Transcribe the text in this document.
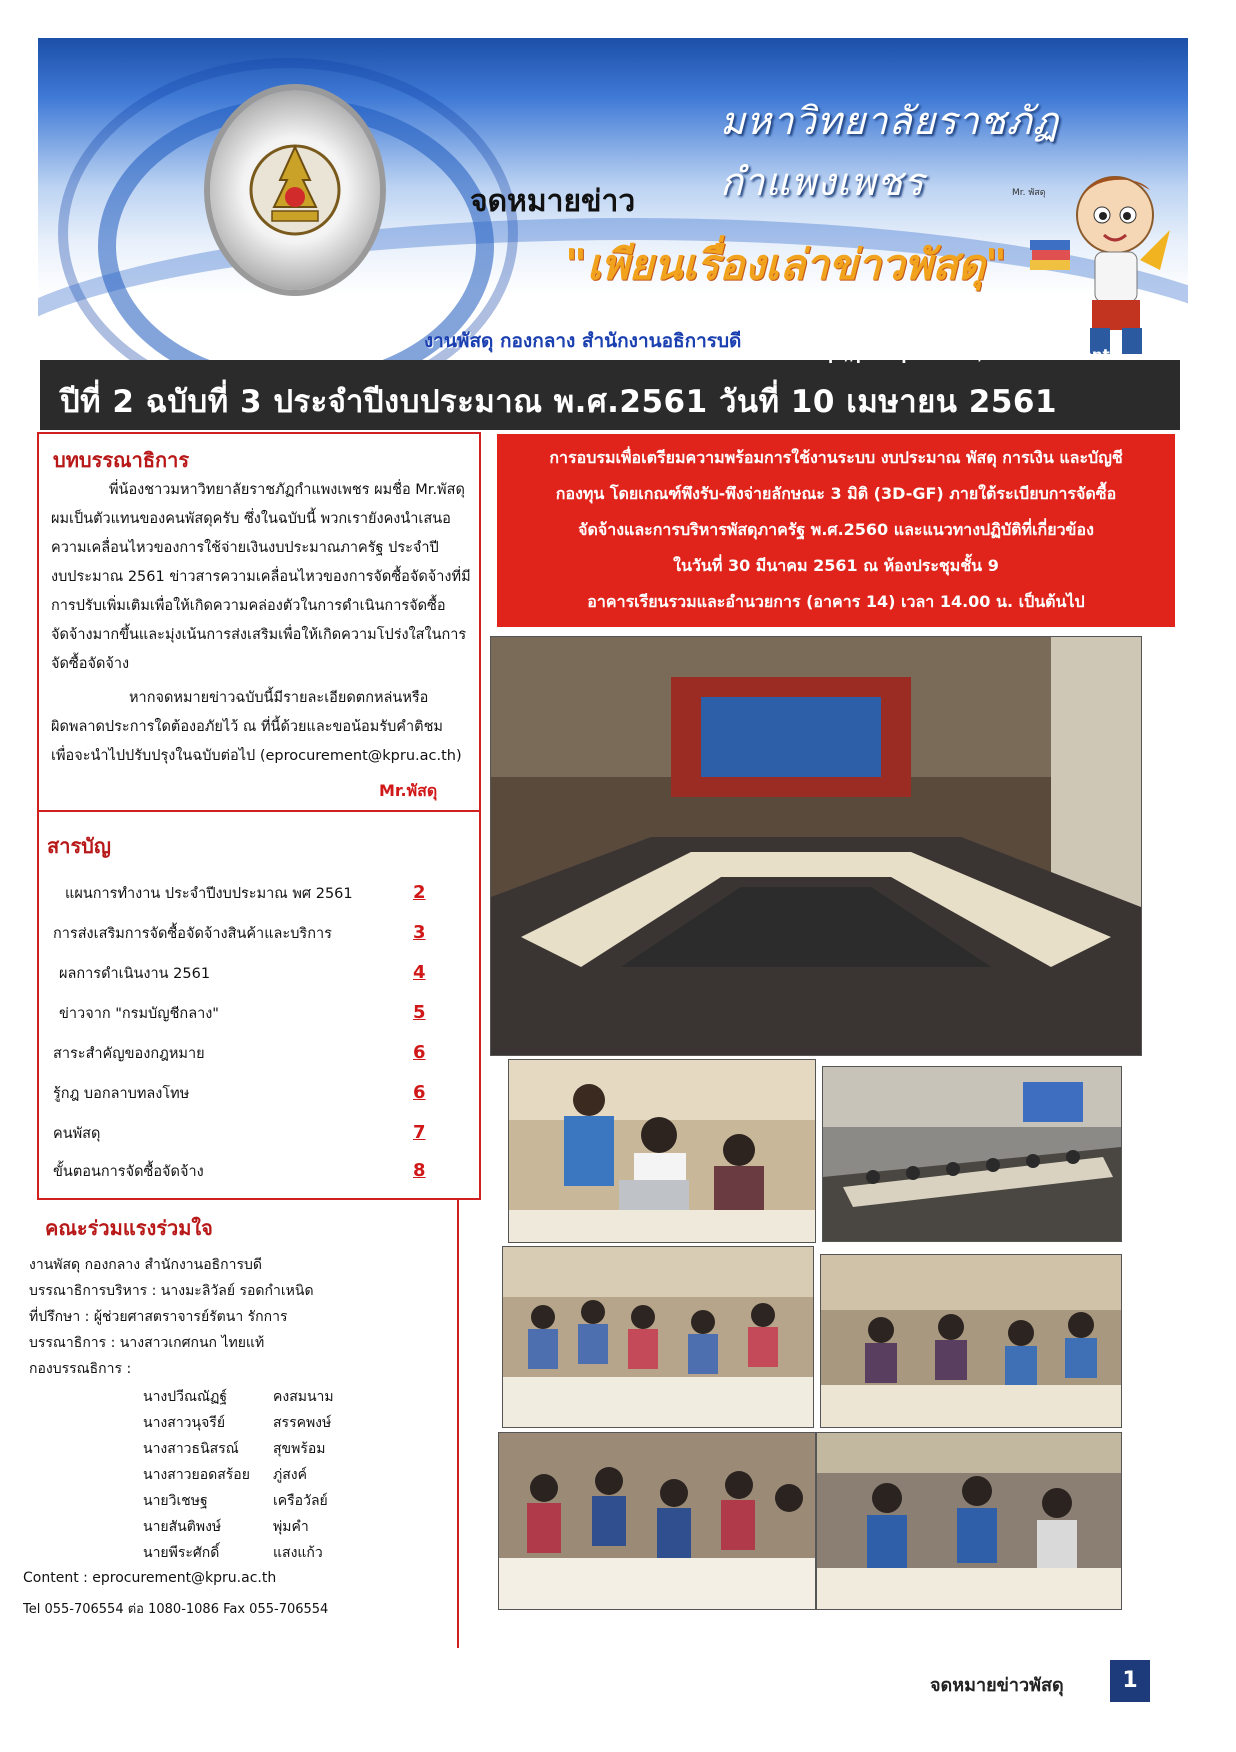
มหาวิทยาลัยราชภัฏกำแพงเพชร
จดหมายข่าว
"เพียนเรื่องเล่าข่าวพัสดุ"
Mr. พัสดุ
งานพัสดุ กองกลาง สำนักงานอธิการบดี
http://pco.kpru.ac.th/e-Procurement
ปีที่ 2 ฉบับที่ 3 ประจำปีงบประมาณ พ.ศ.2561 วันที่ 10 เมษายน 2561
บทบรรณาธิการ
พี่น้องชาวมหาวิทยาลัยราชภัฏกำแพงเพชร ผมชื่อ Mr.พัสดุ
ผมเป็นตัวแทนของคนพัสดุครับ ซึ่งในฉบับนี้ พวกเรายังคงนำเสนอ
ความเคลื่อนไหวของการใช้จ่ายเงินงบประมาณภาครัฐ ประจำปี
งบประมาณ 2561 ข่าวสารความเคลื่อนไหวของการจัดซื้อจัดจ้างที่มี
การปรับเพิ่มเติมเพื่อให้เกิดความคล่องตัวในการดำเนินการจัดซื้อ
จัดจ้างมากขึ้นและมุ่งเน้นการส่งเสริมเพื่อให้เกิดความโปร่งใสในการ
จัดซื้อจัดจ้าง
หากจดหมายข่าวฉบับนี้มีรายละเอียดตกหล่นหรือ
ผิดพลาดประการใดต้องอภัยไว้ ณ ที่นี้ด้วยและขอน้อมรับคำติชม
เพื่อจะนำไปปรับปรุงในฉบับต่อไป (eprocurement@kpru.ac.th)
Mr.พัสดุ
สารบัญ
แผนการทำงาน ประจำปีงบประมาณ พศ 2561	2
การส่งเสริมการจัดซื้อจัดจ้างสินค้าและบริการ	3
ผลการดำเนินงาน 2561	4
ข่าวจาก "กรมบัญชีกลาง"	5
สาระสำคัญของกฎหมาย	6
รู้กฎ บอกลาบทลงโทษ	6
คนพัสดุ	7
ขั้นตอนการจัดซื้อจัดจ้าง	8
คณะร่วมแรงร่วมใจ
งานพัสดุ กองกลาง สำนักงานอธิการบดี
บรรณาธิการบริหาร : นางมะลิวัลย์ รอดกำเหนิด
ที่ปรึกษา : ผู้ช่วยศาสตราจารย์รัตนา รักการ
บรรณาธิการ : นางสาวเกศกนก ไทยแท้
กองบรรณธิการ :
นางปวีณณัฏฐ์	คงสมนาม
นางสาวนุจรีย์	สรรคพงษ์
นางสาวธนิสรณ์ สุขพร้อม
นางสาวยอดสร้อย ภู่สงค์
นายวิเชษฐ	เครือวัลย์
นายสันติพงษ์	พุ่มคำ
นายพีระศักดิ์	แสงแก้ว
Content : eprocurement@kpru.ac.th
Tel 055-706554 ต่อ 1080-1086 Fax 055-706554
การอบรมเพื่อเตรียมความพร้อมการใช้งานระบบ งบประมาณ พัสดุ การเงิน และบัญชี
กองทุน โดยเกณฑ์พึงรับ-พึงจ่ายลักษณะ 3 มิติ (3D-GF) ภายใต้ระเบียบการจัดซื้อ
จัดจ้างและการบริหารพัสดุภาครัฐ พ.ศ.2560 และแนวทางปฏิบัติที่เกี่ยวข้อง
ในวันที่ 30 มีนาคม 2561 ณ ห้องประชุมชั้น 9
อาคารเรียนรวมและอำนวยการ (อาคาร 14) เวลา 14.00 น. เป็นต้นไป
จดหมายข่าวพัสดุ	1
